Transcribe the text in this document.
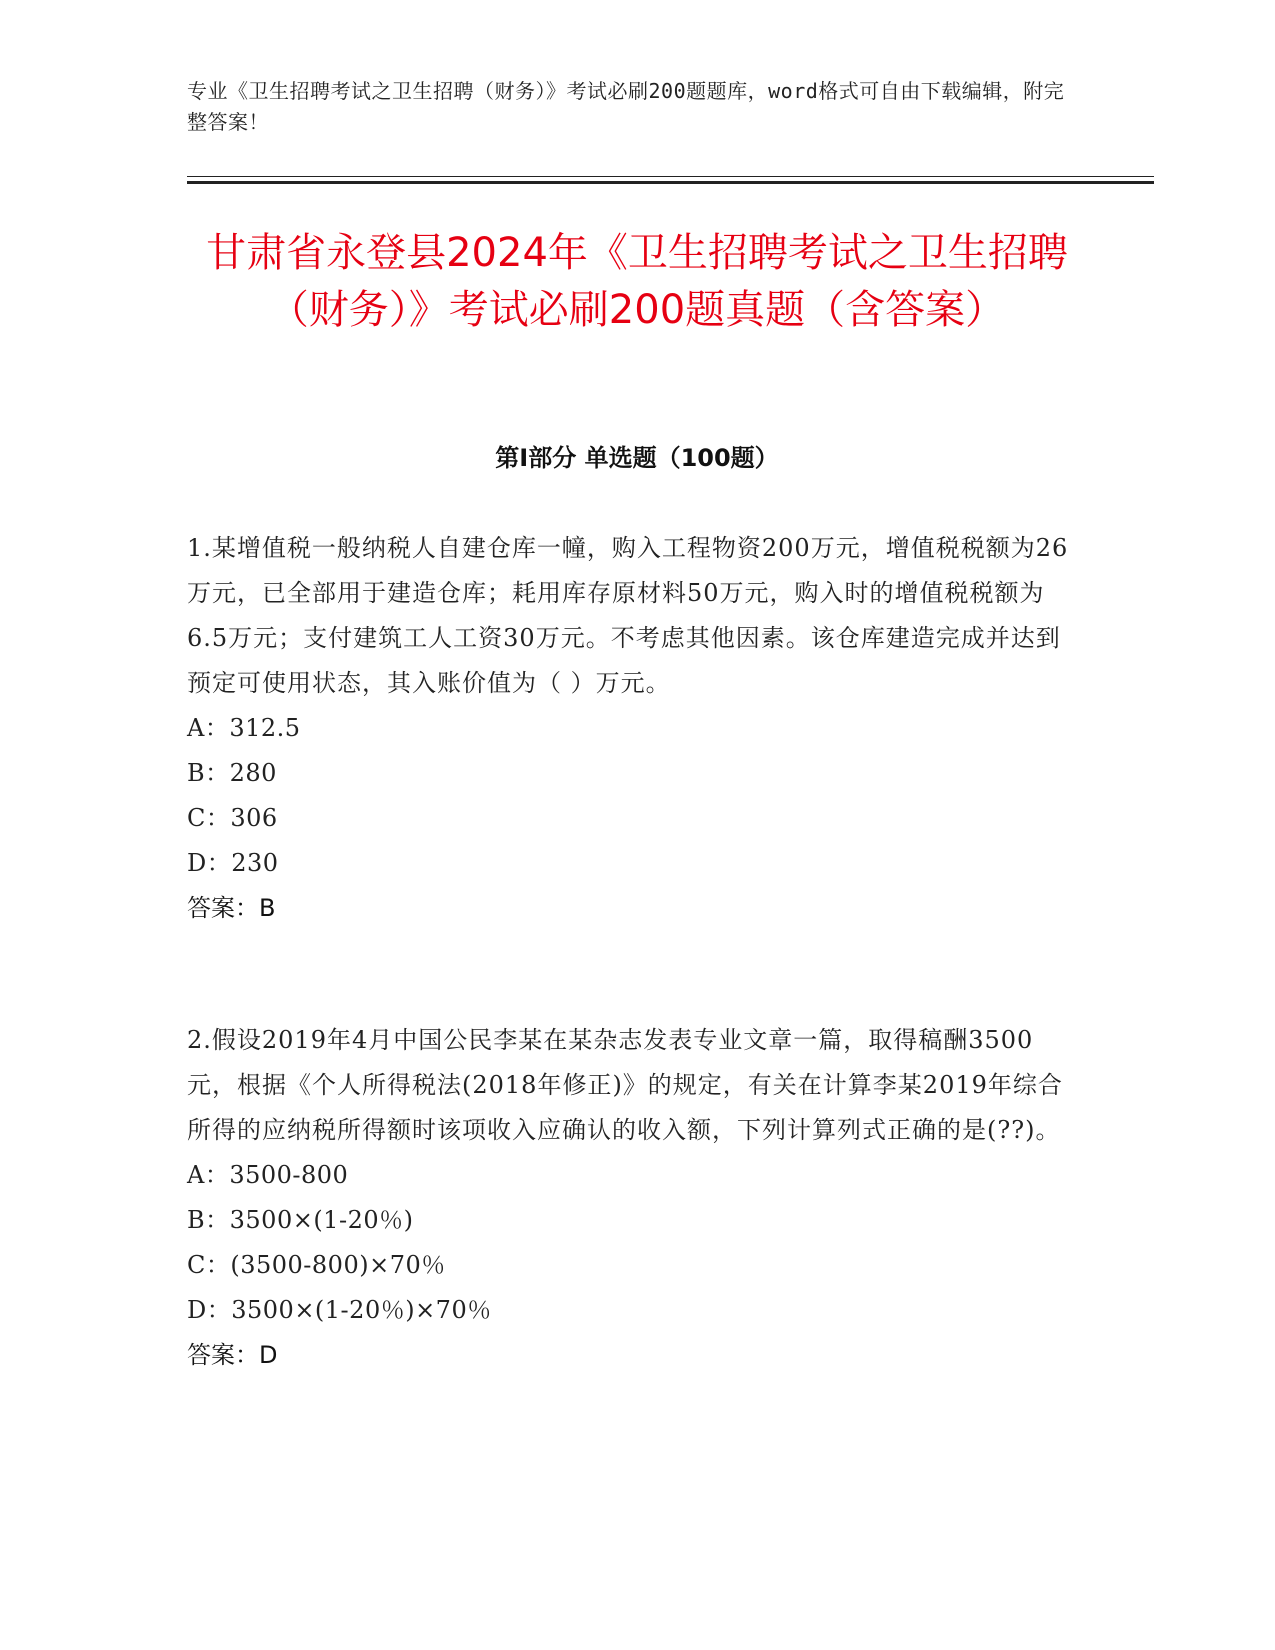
专业《卫生招聘考试之卫生招聘（财务）》考试必刷200题题库，word格式可自由下载编辑，附完整答案！
甘肃省永登县2024年《卫生招聘考试之卫生招聘（财务）》考试必刷200题真题（含答案）
第I部分 单选题（100题）

1.某增值税一般纳税人自建仓库一幢，购入工程物资200万元，增值税税额为26万元，已全部用于建造仓库；耗用库存原材料50万元，购入时的增值税税额为6.5万元；支付建筑工人工资30万元。不考虑其他因素。该仓库建造完成并达到预定可使用状态，其入账价值为（ ）万元。

A：312.5

B：280

C：306

D：230

答案：B

2.假设2019年4月中国公民李某在某杂志发表专业文章一篇，取得稿酬3500元，根据《个人所得税法(2018年修正)》的规定，有关在计算李某2019年综合所得的应纳税所得额时该项收入应确认的收入额，下列计算列式正确的是(??)。

A：3500-800

B：3500×(1-20％)

C：(3500-800)×70％

D：3500×(1-20％)×70％

答案：D
